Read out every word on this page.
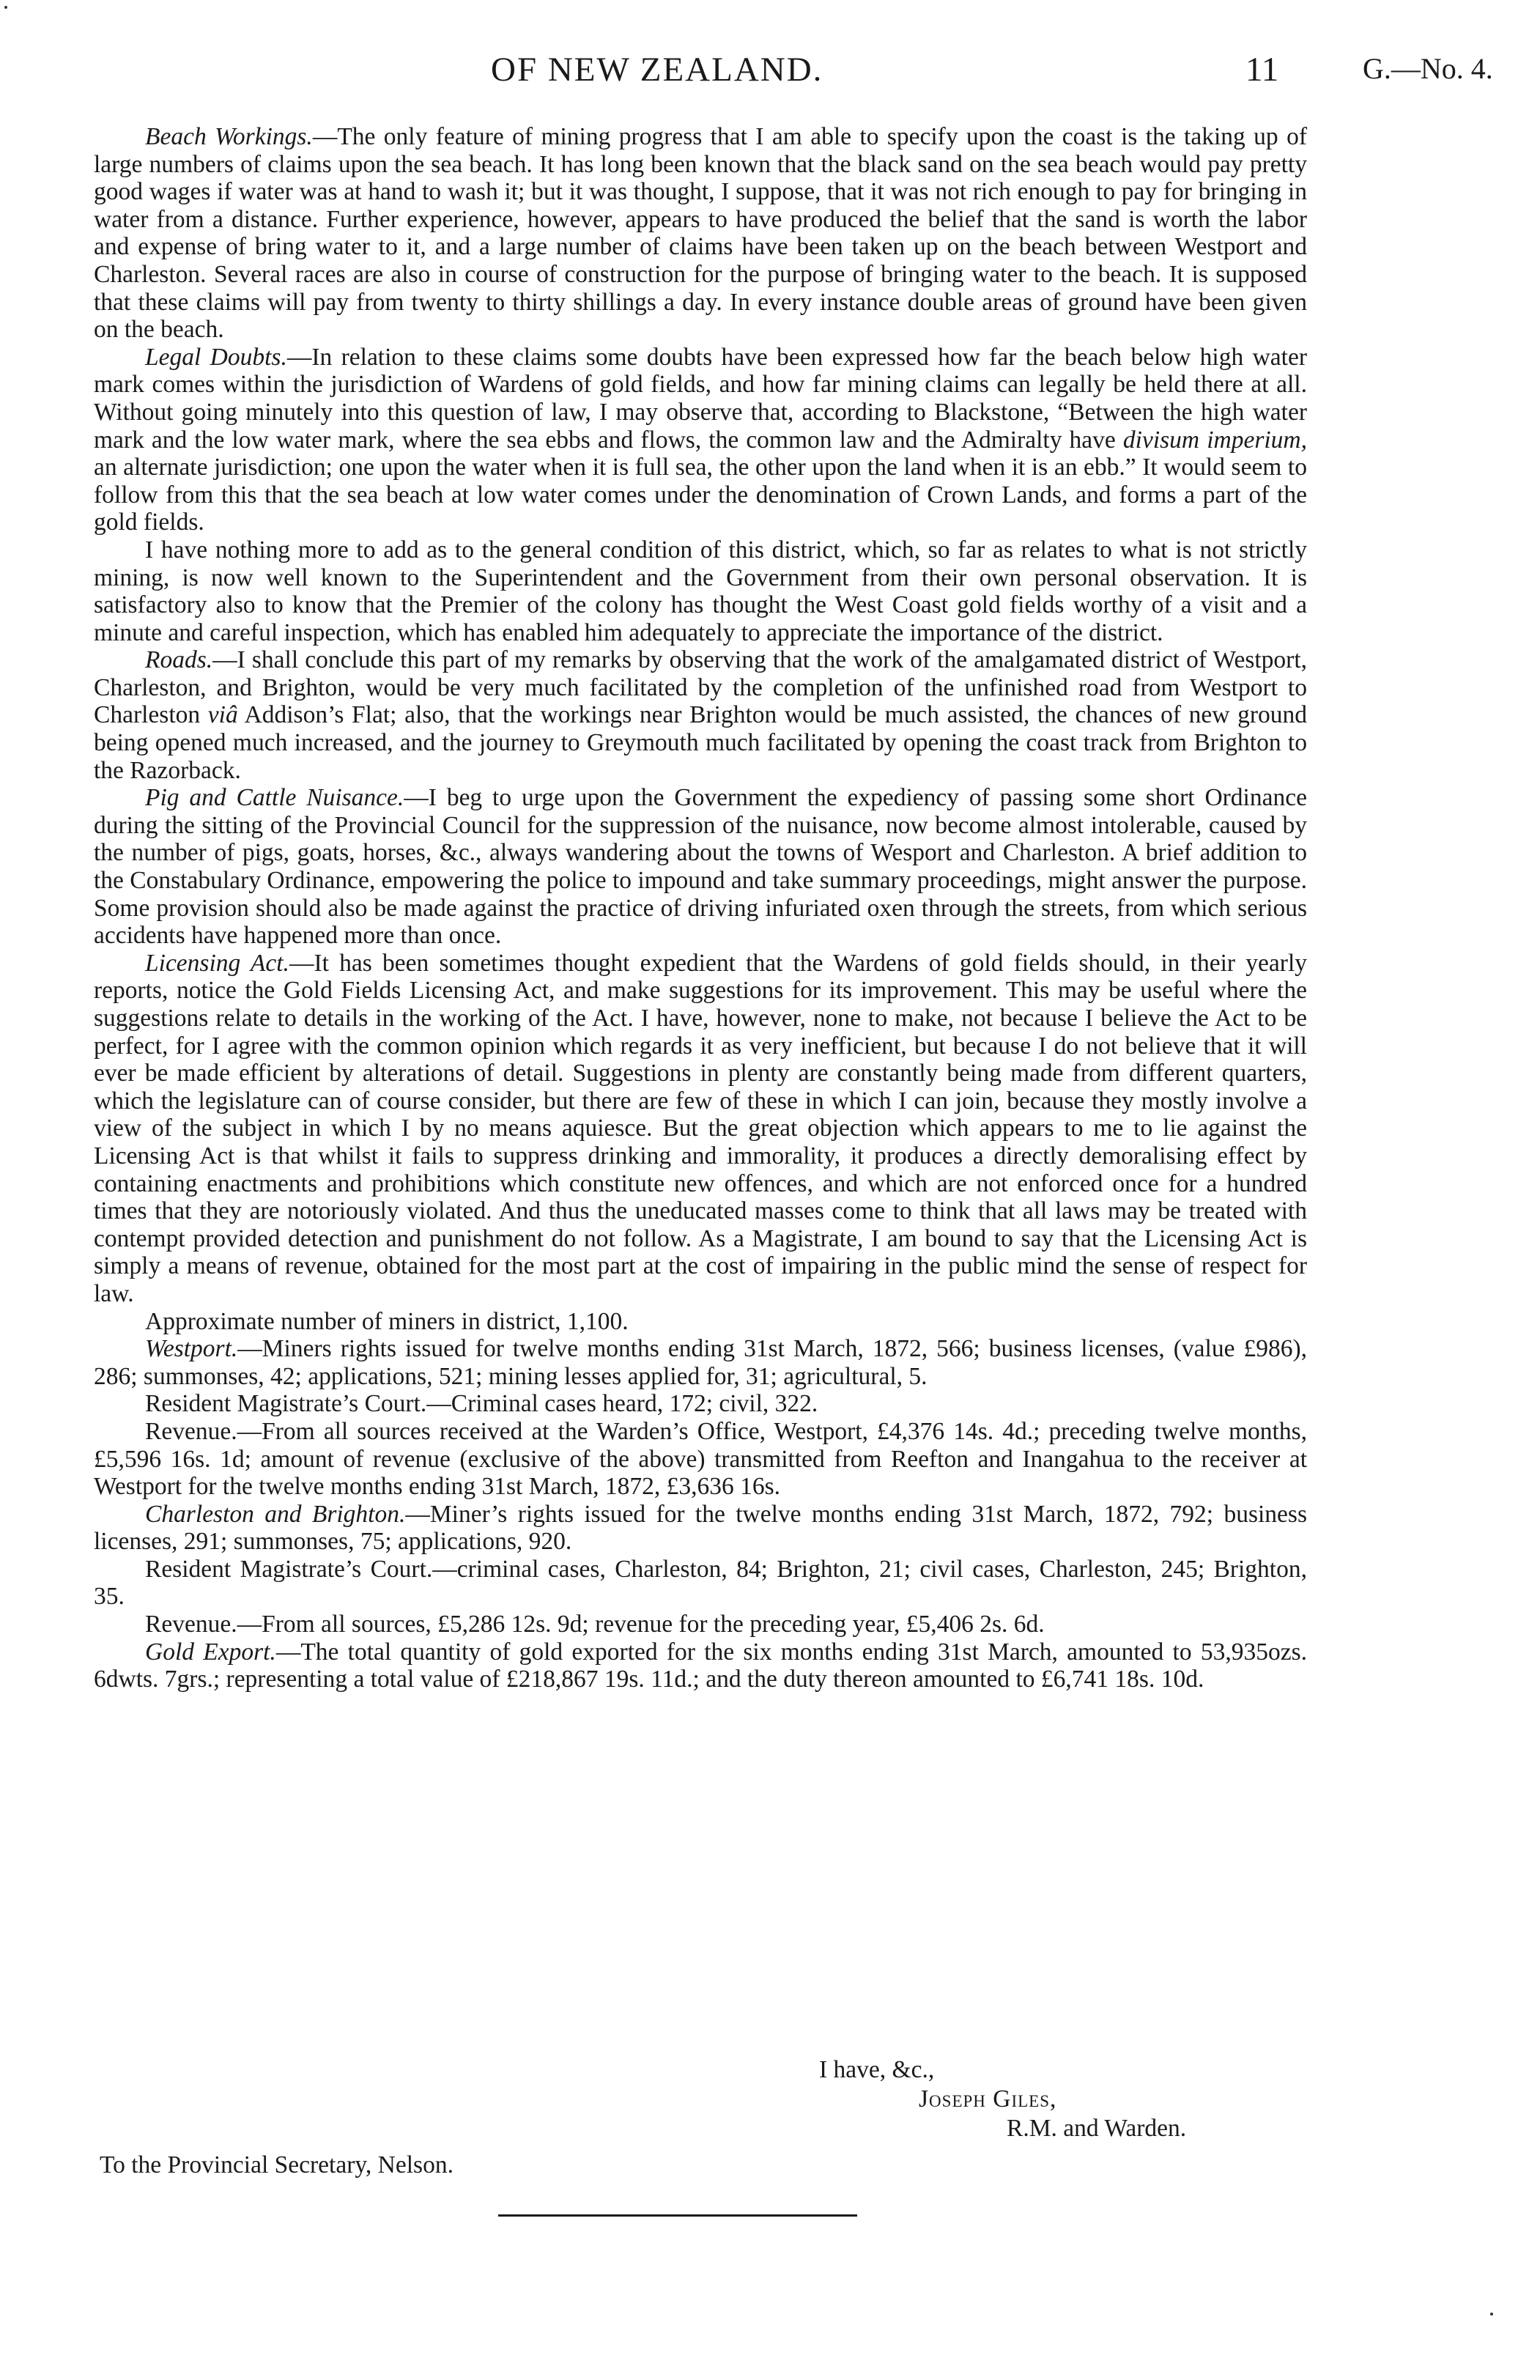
OF NEW ZEALAND.	11	G.—No. 4.

Beach Workings.—The only feature of mining progress that I am able to specify upon the coast is the taking up of large numbers of claims upon the sea beach. It has long been known that the black sand on the sea beach would pay pretty good wages if water was at hand to wash it; but it was thought, I suppose, that it was not rich enough to pay for bringing in water from a distance. Further experience, however, appears to have produced the belief that the sand is worth the labor and expense of bring water to it, and a large number of claims have been taken up on the beach between Westport and Charleston. Several races are also in course of construction for the purpose of bringing water to the beach. It is supposed that these claims will pay from twenty to thirty shillings a day. In every instance double areas of ground have been given on the beach.

Legal Doubts.—In relation to these claims some doubts have been expressed how far the beach below high water mark comes within the jurisdiction of Wardens of gold fields, and how far mining claims can legally be held there at all. Without going minutely into this question of law, I may observe that, according to Blackstone, “Between the high water mark and the low water mark, where the sea ebbs and flows, the common law and the Admiralty have divisum imperium, an alternate jurisdiction; one upon the water when it is full sea, the other upon the land when it is an ebb.” It would seem to follow from this that the sea beach at low water comes under the denomination of Crown Lands, and forms a part of the gold fields.

I have nothing more to add as to the general condition of this district, which, so far as relates to what is not strictly mining, is now well known to the Superintendent and the Government from their own personal observation. It is satisfactory also to know that the Premier of the colony has thought the West Coast gold fields worthy of a visit and a minute and careful inspection, which has enabled him adequately to appreciate the importance of the district.

Roads.—I shall conclude this part of my remarks by observing that the work of the amalgamated district of Westport, Charleston, and Brighton, would be very much facilitated by the completion of the unfinished road from Westport to Charleston viâ Addison’s Flat; also, that the workings near Brighton would be much assisted, the chances of new ground being opened much increased, and the journey to Greymouth much facilitated by opening the coast track from Brighton to the Razorback.

Pig and Cattle Nuisance.—I beg to urge upon the Government the expediency of passing some short Ordinance during the sitting of the Provincial Council for the suppression of the nuisance, now become almost intolerable, caused by the number of pigs, goats, horses, &c., always wandering about the towns of Wesport and Charleston. A brief addition to the Constabulary Ordinance, empowering the police to impound and take summary proceedings, might answer the purpose. Some provision should also be made against the practice of driving infuriated oxen through the streets, from which serious accidents have happened more than once.

Licensing Act.—It has been sometimes thought expedient that the Wardens of gold fields should, in their yearly reports, notice the Gold Fields Licensing Act, and make suggestions for its improvement. This may be useful where the suggestions relate to details in the working of the Act. I have, however, none to make, not because I believe the Act to be perfect, for I agree with the common opinion which regards it as very inefficient, but because I do not believe that it will ever be made efficient by alterations of detail. Suggestions in plenty are constantly being made from different quarters, which the legislature can of course consider, but there are few of these in which I can join, because they mostly involve a view of the subject in which I by no means aquiesce. But the great objection which appears to me to lie against the Licensing Act is that whilst it fails to suppress drinking and immorality, it produces a directly demoralising effect by containing enactments and prohibitions which constitute new offences, and which are not enforced once for a hundred times that they are notoriously violated. And thus the uneducated masses come to think that all laws may be treated with contempt provided detection and punishment do not follow. As a Magistrate, I am bound to say that the Licensing Act is simply a means of revenue, obtained for the most part at the cost of impairing in the public mind the sense of respect for law.

Approximate number of miners in district, 1,100.

Westport.—Miners rights issued for twelve months ending 31st March, 1872, 566; business licenses, (value £986), 286; summonses, 42; applications, 521; mining lesses applied for, 31; agricultural, 5.

Resident Magistrate’s Court.—Criminal cases heard, 172; civil, 322.

Revenue.—From all sources received at the Warden’s Office, Westport, £4,376 14s. 4d.; preceding twelve months, £5,596 16s. 1d; amount of revenue (exclusive of the above) transmitted from Reefton and Inangahua to the receiver at Westport for the twelve months ending 31st March, 1872, £3,636 16s.

Charleston and Brighton.—Miner’s rights issued for the twelve months ending 31st March, 1872, 792; business licenses, 291; summonses, 75; applications, 920.

Resident Magistrate’s Court.—criminal cases, Charleston, 84; Brighton, 21; civil cases, Charleston, 245; Brighton, 35.

Revenue.—From all sources, £5,286 12s. 9d; revenue for the preceding year, £5,406 2s. 6d.

Gold Export.—The total quantity of gold exported for the six months ending 31st March, amounted to 53,935ozs. 6dwts. 7grs.; representing a total value of £218,867 19s. 11d.; and the duty thereon amounted to £6,741 18s. 10d.

I have, &c.,
Joseph Giles,
R.M. and Warden.
To the Provincial Secretary, Nelson.
